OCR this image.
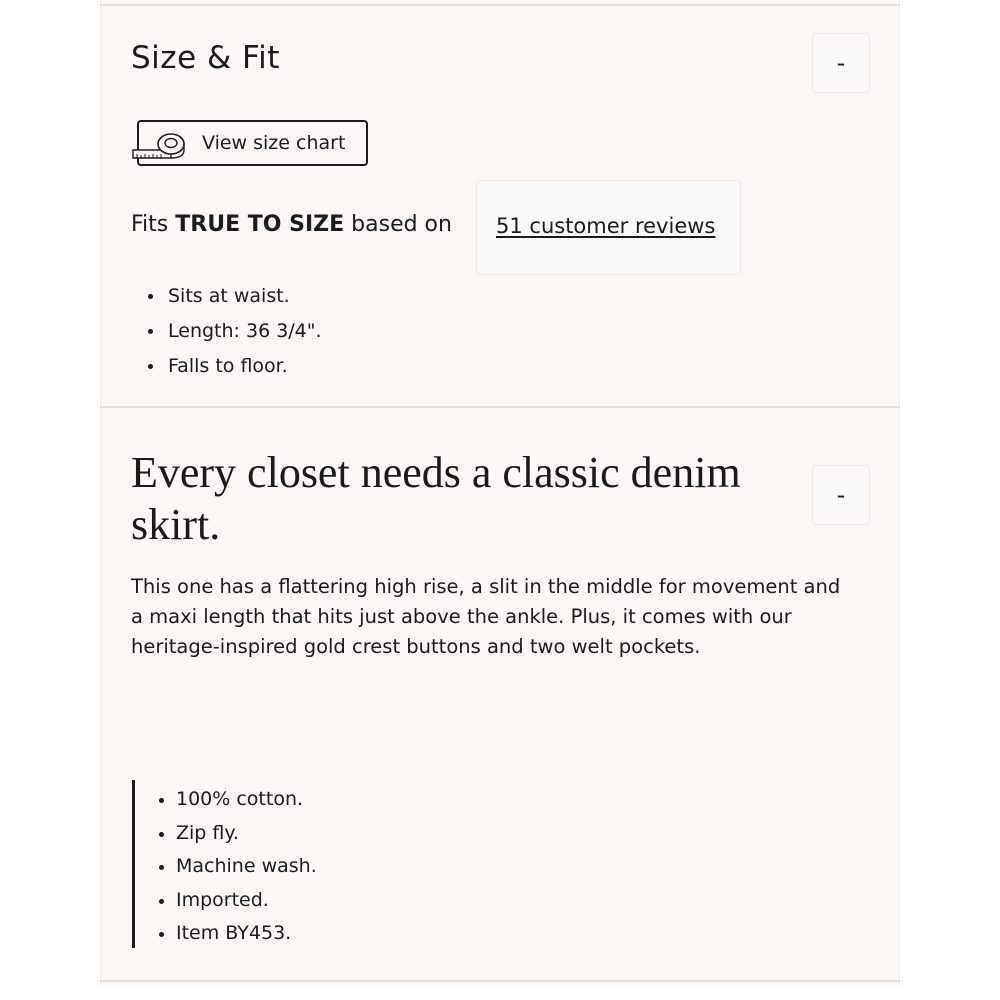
Size & Fit	-
View size chart
Fits TRUE TO SIZE based on 51 customer reviews
Sits at waist.
Length: 36 3/4".
Falls to floor.
Every closet needs a classic denim skirt.
-

This one has a flattering high rise, a slit in the middle for movement and a maxi length that hits just above the ankle. Plus, it comes with our heritage-inspired gold crest buttons and two welt pockets.

100% cotton.
Zip fly.
Machine wash.
Imported.
Item BY453.
